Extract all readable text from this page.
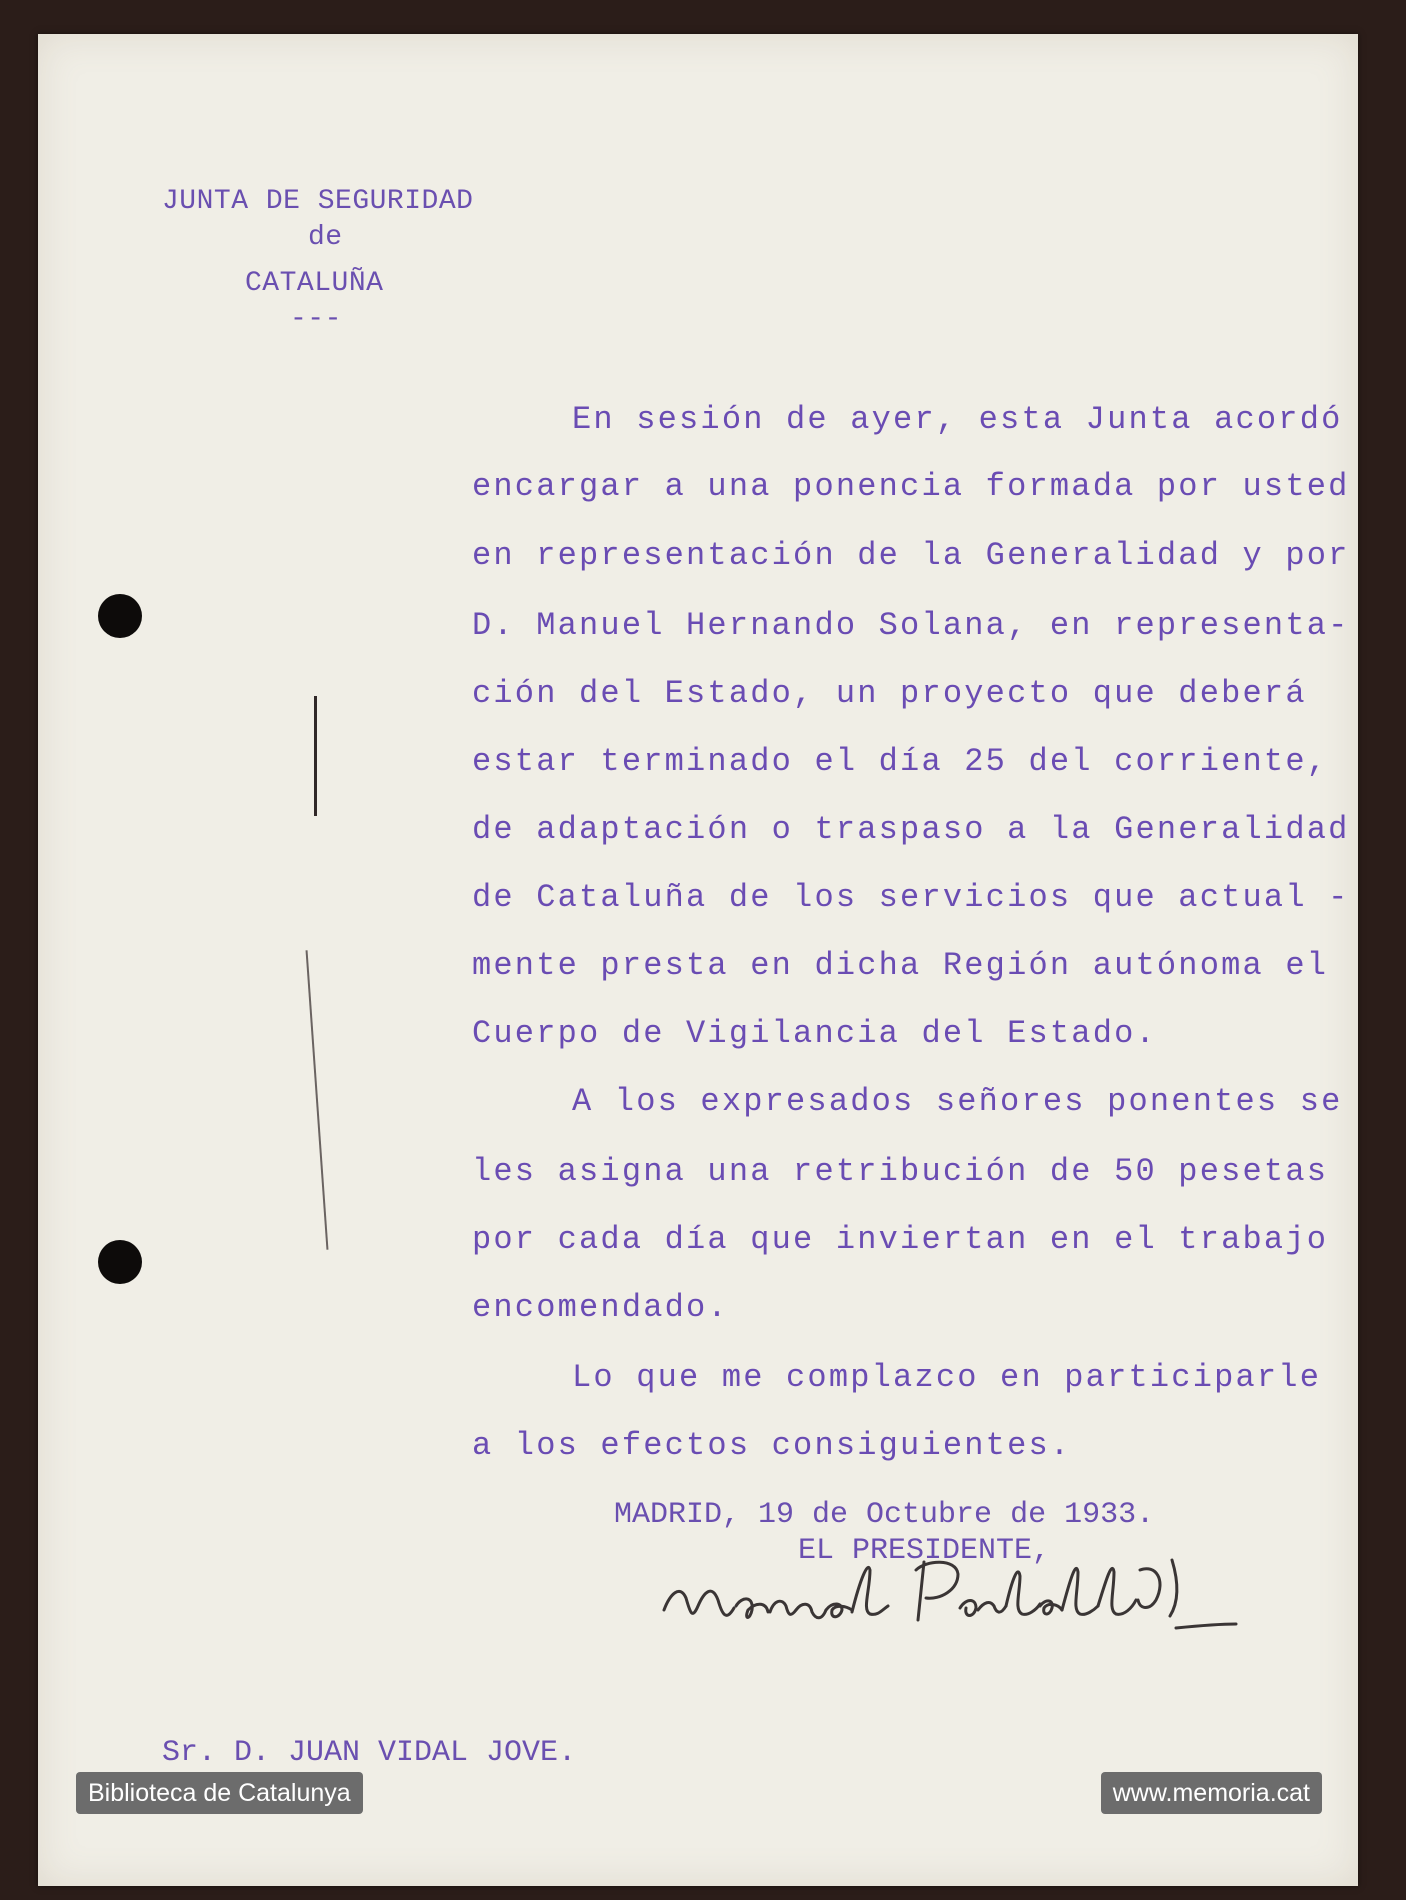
JUNTA DE SEGURIDAD
de
CATALUÑA
---
En sesión de ayer, esta Junta acordó
encargar a una ponencia formada por usted
en representación de la Generalidad y por
D. Manuel Hernando Solana, en representa-
ción del Estado, un proyecto que deberá
estar terminado el día 25 del corriente,
de adaptación o traspaso a la Generalidad
de Cataluña de los servicios que actual -
mente presta en dicha Región autónoma el
Cuerpo de Vigilancia del Estado.
A los expresados señores ponentes se
les asigna una retribución de 50 pesetas
por cada día que inviertan en el trabajo
encomendado.
Lo que me complazco en participarle
a los efectos consiguientes.
MADRID, 19 de Octubre de 1933.
EL PRESIDENTE,
Sr. D. JUAN VIDAL JOVE.
Biblioteca de Catalunya	www.memoria.cat
